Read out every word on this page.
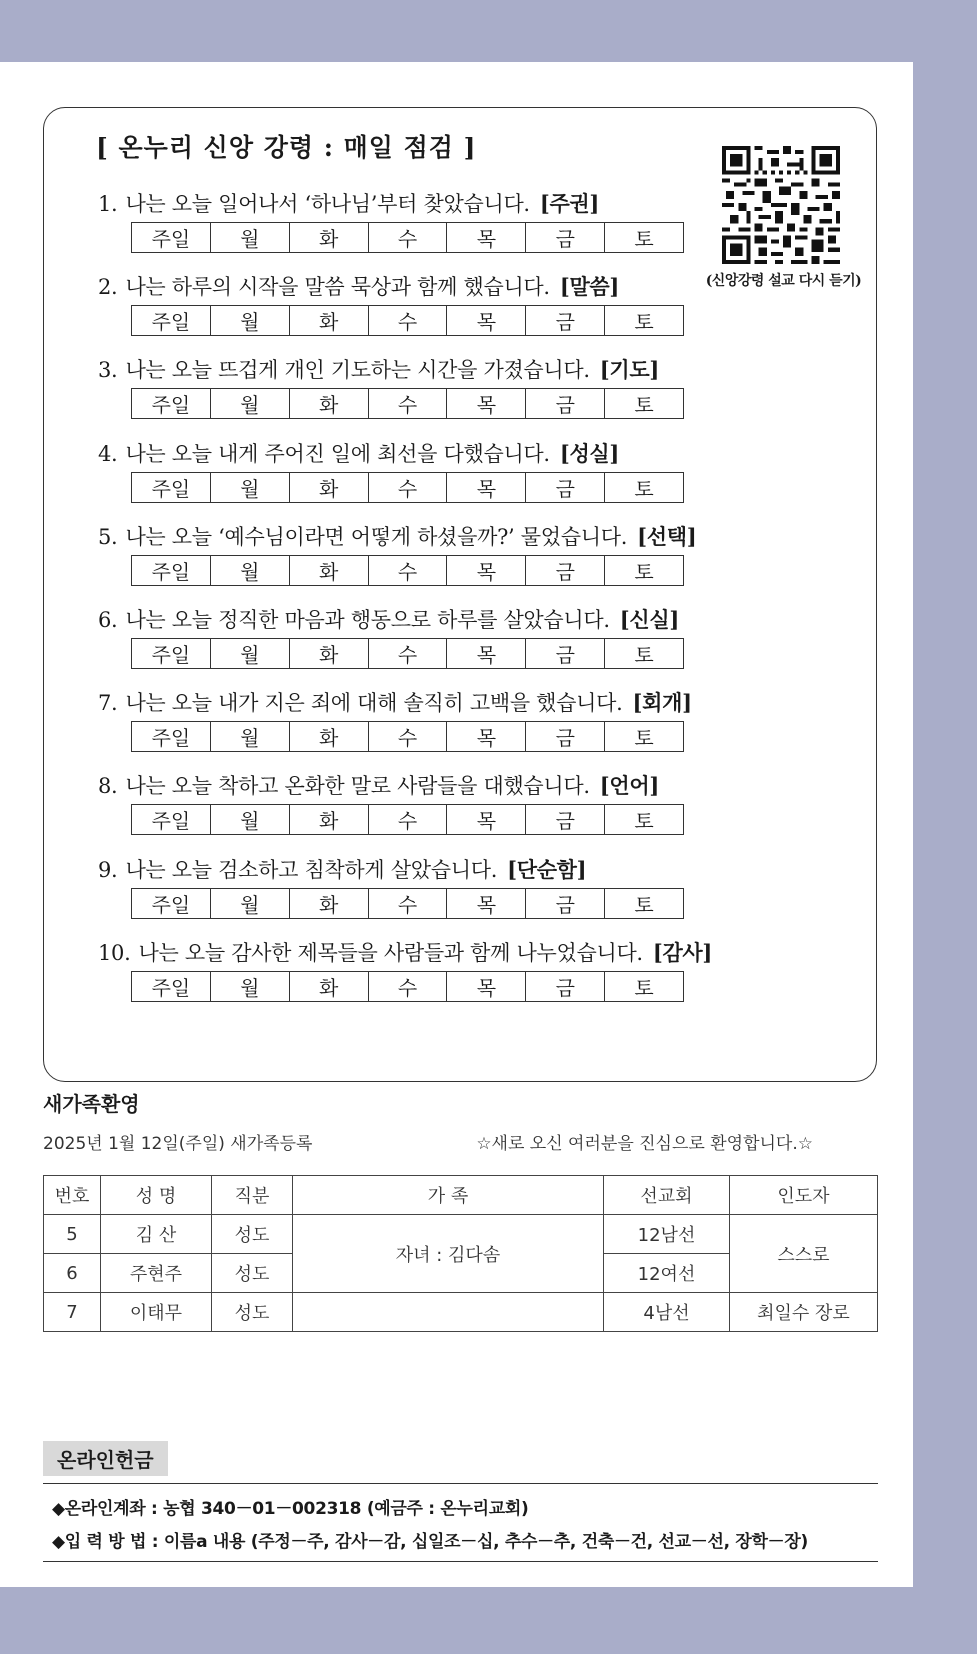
[ 온누리 신앙 강령 : 매일 점검 ]
(신앙강령 설교 다시 듣기)
1. 나는 오늘 일어나서 ‘하나님’부터 찾았습니다. [주권]
주일	월	화	수	목	금	토
2. 나는 하루의 시작을 말씀 묵상과 함께 했습니다. [말씀]
주일	월	화	수	목	금	토
3. 나는 오늘 뜨겁게 개인 기도하는 시간을 가졌습니다. [기도]
주일	월	화	수	목	금	토
4. 나는 오늘 내게 주어진 일에 최선을 다했습니다. [성실]
주일	월	화	수	목	금	토
5. 나는 오늘 ‘예수님이라면 어떻게 하셨을까?’ 물었습니다. [선택]
주일	월	화	수	목	금	토
6. 나는 오늘 정직한 마음과 행동으로 하루를 살았습니다. [신실]
주일	월	화	수	목	금	토
7. 나는 오늘 내가 지은 죄에 대해 솔직히 고백을 했습니다. [회개]
주일	월	화	수	목	금	토
8. 나는 오늘 착하고 온화한 말로 사람들을 대했습니다. [언어]
주일	월	화	수	목	금	토
9. 나는 오늘 검소하고 침착하게 살았습니다. [단순함]
주일	월	화	수	목	금	토
10. 나는 오늘 감사한 제목들을 사람들과 함께 나누었습니다. [감사]
주일	월	화	수	목	금	토
새가족환영
2025년 1월 12일(주일) 새가족등록	☆새로 오신 여러분을 진심으로 환영합니다.☆
번호	성 명	직분	가 족	선교회	인도자
5	김 산	성도	자녀 : 김다솜	12남선	스스로
6	주현주	성도		12여선	
7	이태무	성도		4남선	최일수 장로
온라인헌금
◆온라인계좌 : 농협 340－01－002318 (예금주 : 온누리교회)
◆입 력 방 법 : 이름a 내용 (주정－주, 감사－감, 십일조－십, 추수－추, 건축－건, 선교－선, 장학－장)
